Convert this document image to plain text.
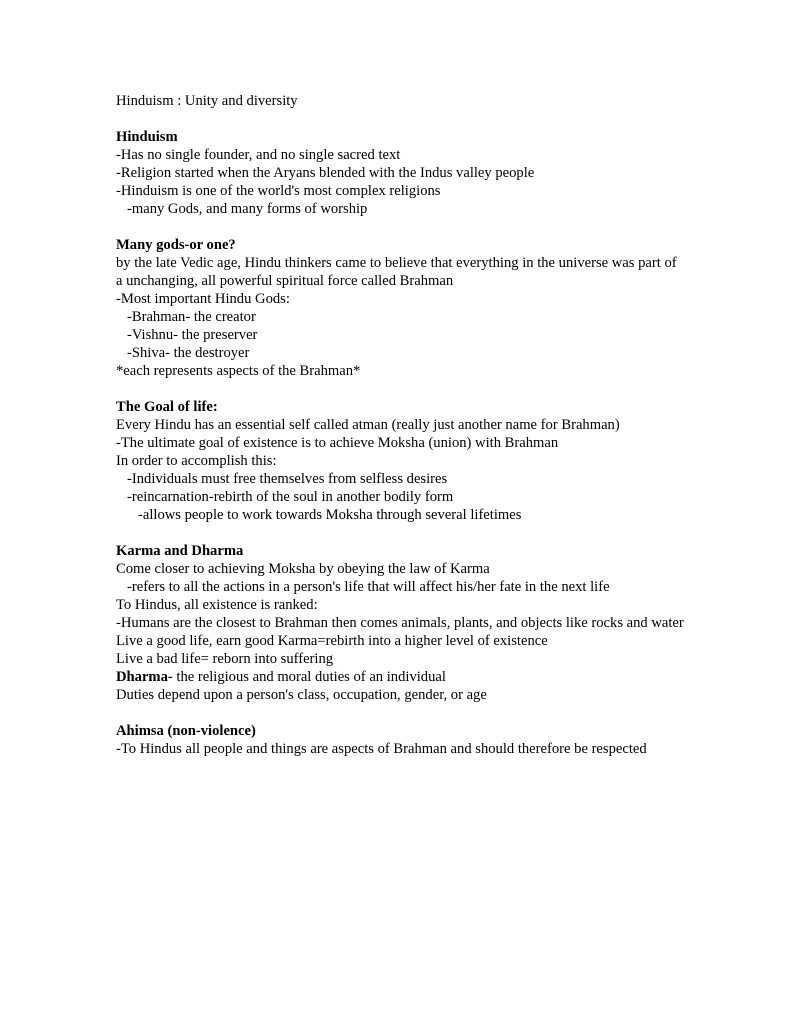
Hinduism : Unity and diversity

Hinduism

-Has no single founder, and no single sacred text

-Religion started when the Aryans blended with the Indus valley people

-Hinduism is one of the world's most complex religions

-many Gods, and many forms of worship

Many gods-or one?

by the late Vedic age, Hindu thinkers came to believe that everything in the universe was part of a unchanging, all powerful spiritual force called Brahman

-Most important Hindu Gods:

-Brahman- the creator

-Vishnu- the preserver

-Shiva- the destroyer

*each represents aspects of the Brahman*

The Goal of life:

Every Hindu has an essential self called atman (really just another name for Brahman)

-The ultimate goal of existence is to achieve Moksha (union) with Brahman

In order to accomplish this:

-Individuals must free themselves from selfless desires

-reincarnation-rebirth of the soul in another bodily form

-allows people to work towards Moksha through several lifetimes

Karma and Dharma

Come closer to achieving Moksha by obeying the law of Karma

-refers to all the actions in a person's life that will affect his/her fate in the next life

To Hindus, all existence is ranked:

-Humans are the closest to Brahman then comes animals, plants, and objects like rocks and water

Live a good life, earn good Karma=rebirth into a higher level of existence

Live a bad life= reborn into suffering

Dharma- the religious and moral duties of an individual

Duties depend upon a person's class, occupation, gender, or age

Ahimsa (non-violence)

-To Hindus all people and things are aspects of Brahman and should therefore be respected
